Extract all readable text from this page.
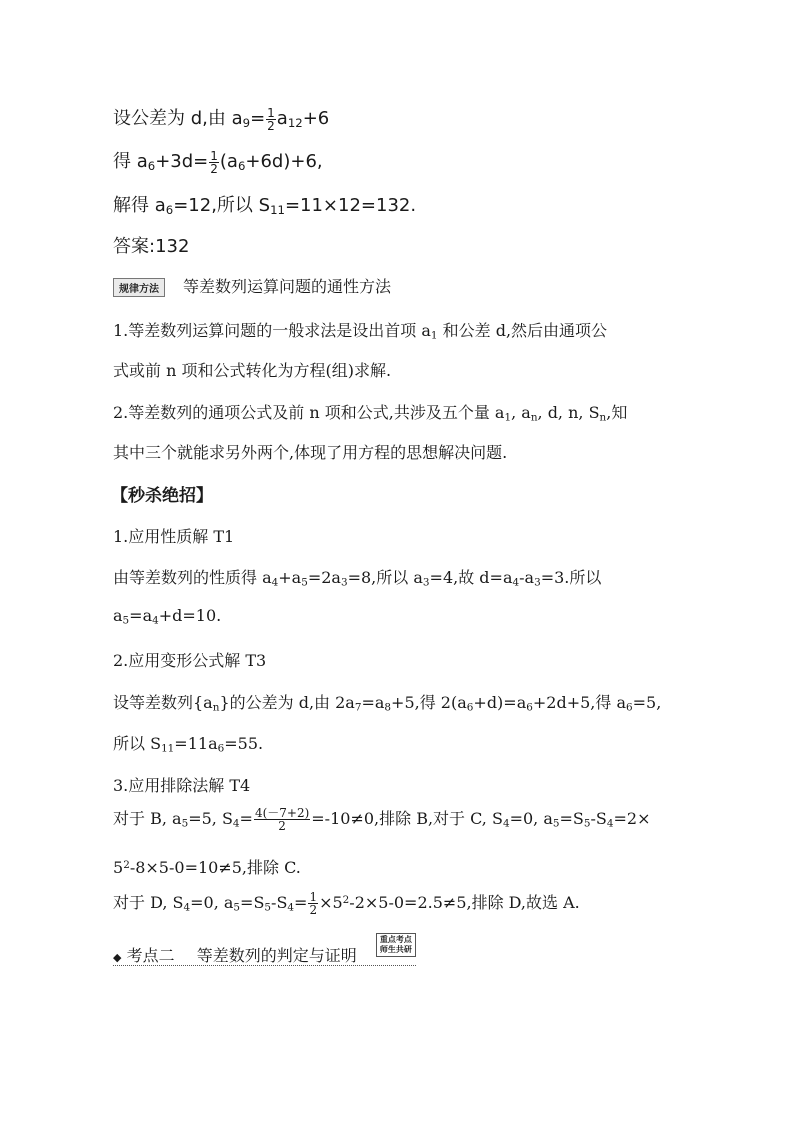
设公差为 d,由 $a_9= \frac{1}{2} a_{12}+6$
得 $a_6+3d= \frac{1}{2} (a_6+6d)+6$,
解得 $a_6=12$,所以 $S_{11}=11\times 12=132$.
答案:132
规律方法 等差数列运算问题的通性方法
1.等差数列运算问题的一般求法是设出首项 $a_1$ 和公差 d,然后由通项公
式或前 n 项和公式转化为方程(组)求解.
2.等差数列的通项公式及前 n 项和公式,共涉及五个量 $a_1$, $a_n$, d, n, $S_n$,知
其中三个就能求另外两个,体现了用方程的思想解决问题.
【秒杀绝招】
1.应用性质解 T1
由等差数列的性质得 $a_4+a_5=2a_3=8$,所以 $a_3=4$,故 $d=a_4-a_3=3$.所以
$a_5=a_4+d=10$.
2.应用变形公式解 T3
设等差数列$\{a_n\}$的公差为 d,由 $2a_7=a_8+5$,得 $2(a_6+d)=a_6+2d+5$,得 $a_6=5$,
所以 $S_{11}=11a_6=55$.
3.应用排除法解 T4
对于 B, $a_5=5$, $S_4= \frac{4(-7+2)}{2} =-10\ne 0$,排除 B,对于 C, $S_4=0$, $a_5=S_5-S_4=2\times$
$5^2-8\times 5-0=10\ne 5$,排除 C.
对于 D, $S_4=0$, $a_5=S_5-S_4= \frac{1}{2} \times 5^2-2\times 5-0=2.5\ne 5$,排除 D,故选 A.
◆ 考点二 等差数列的判定与证明 重点考点
师生共研
